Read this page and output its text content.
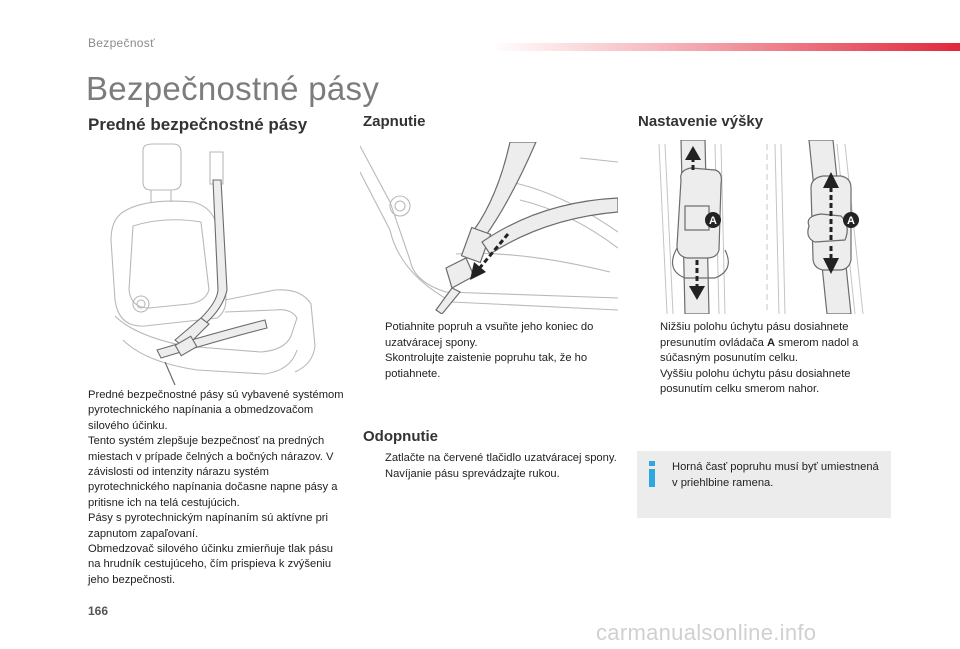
Bezpečnosť
Bezpečnostné pásy
Predné bezpečnostné pásy

Predné bezpečnostné pásy sú vybavené systémom pyrotechnického napínania a obmedzovačom silového účinku.

Tento systém zlepšuje bezpečnosť na predných miestach v prípade čelných a bočných nárazov. V závislosti od intenzity nárazu systém pyrotechnického napínania dočasne napne pásy a pritisne ich na telá cestujúcich.

Pásy s pyrotechnickým napínaním sú aktívne pri zapnutom zapaľovaní.

Obmedzovač silového účinku zmierňuje tlak pásu na hrudník cestujúceho, čím prispieva k zvýšeniu jeho bezpečnosti.

Zapnutie
Potiahnite popruh a vsuňte jeho koniec do uzatváracej spony.
Skontrolujte zaistenie popruhu tak, že ho potiahnete.
Odopnutie
Zatlačte na červené tlačidlo uzatváracej spony.
Navíjanie pásu sprevádzajte rukou.
Nastavenie výšky
A	A
Nižšiu polohu úchytu pásu dosiahnete presunutím ovládača A smerom nadol a súčasným posunutím celku.
Vyššiu polohu úchytu pásu dosiahnete posunutím celku smerom nahor.
Horná časť popruhu musí byť umiestnená v priehlbine ramena.
166
carmanualsonline.info
